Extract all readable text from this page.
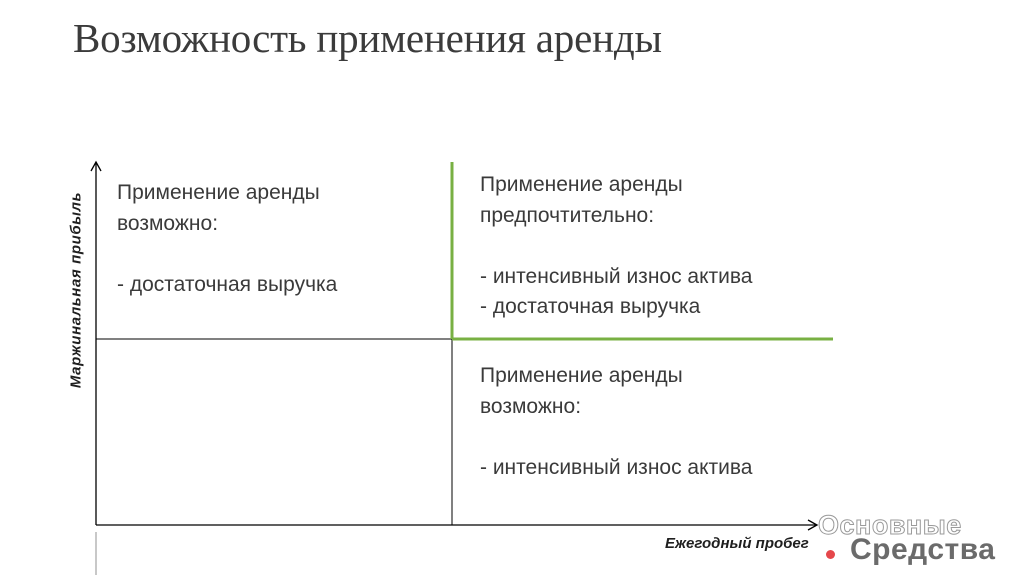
Возможность применения аренды
Маржинальная прибыль
Ежегодный пробег
Применение аренды
возможно:
- достаточная выручка
Применение аренды
предпочтительно:
- интенсивный износ актива
- достаточная выручка
Применение аренды
возможно:
- интенсивный износ актива
Основные
Средства
